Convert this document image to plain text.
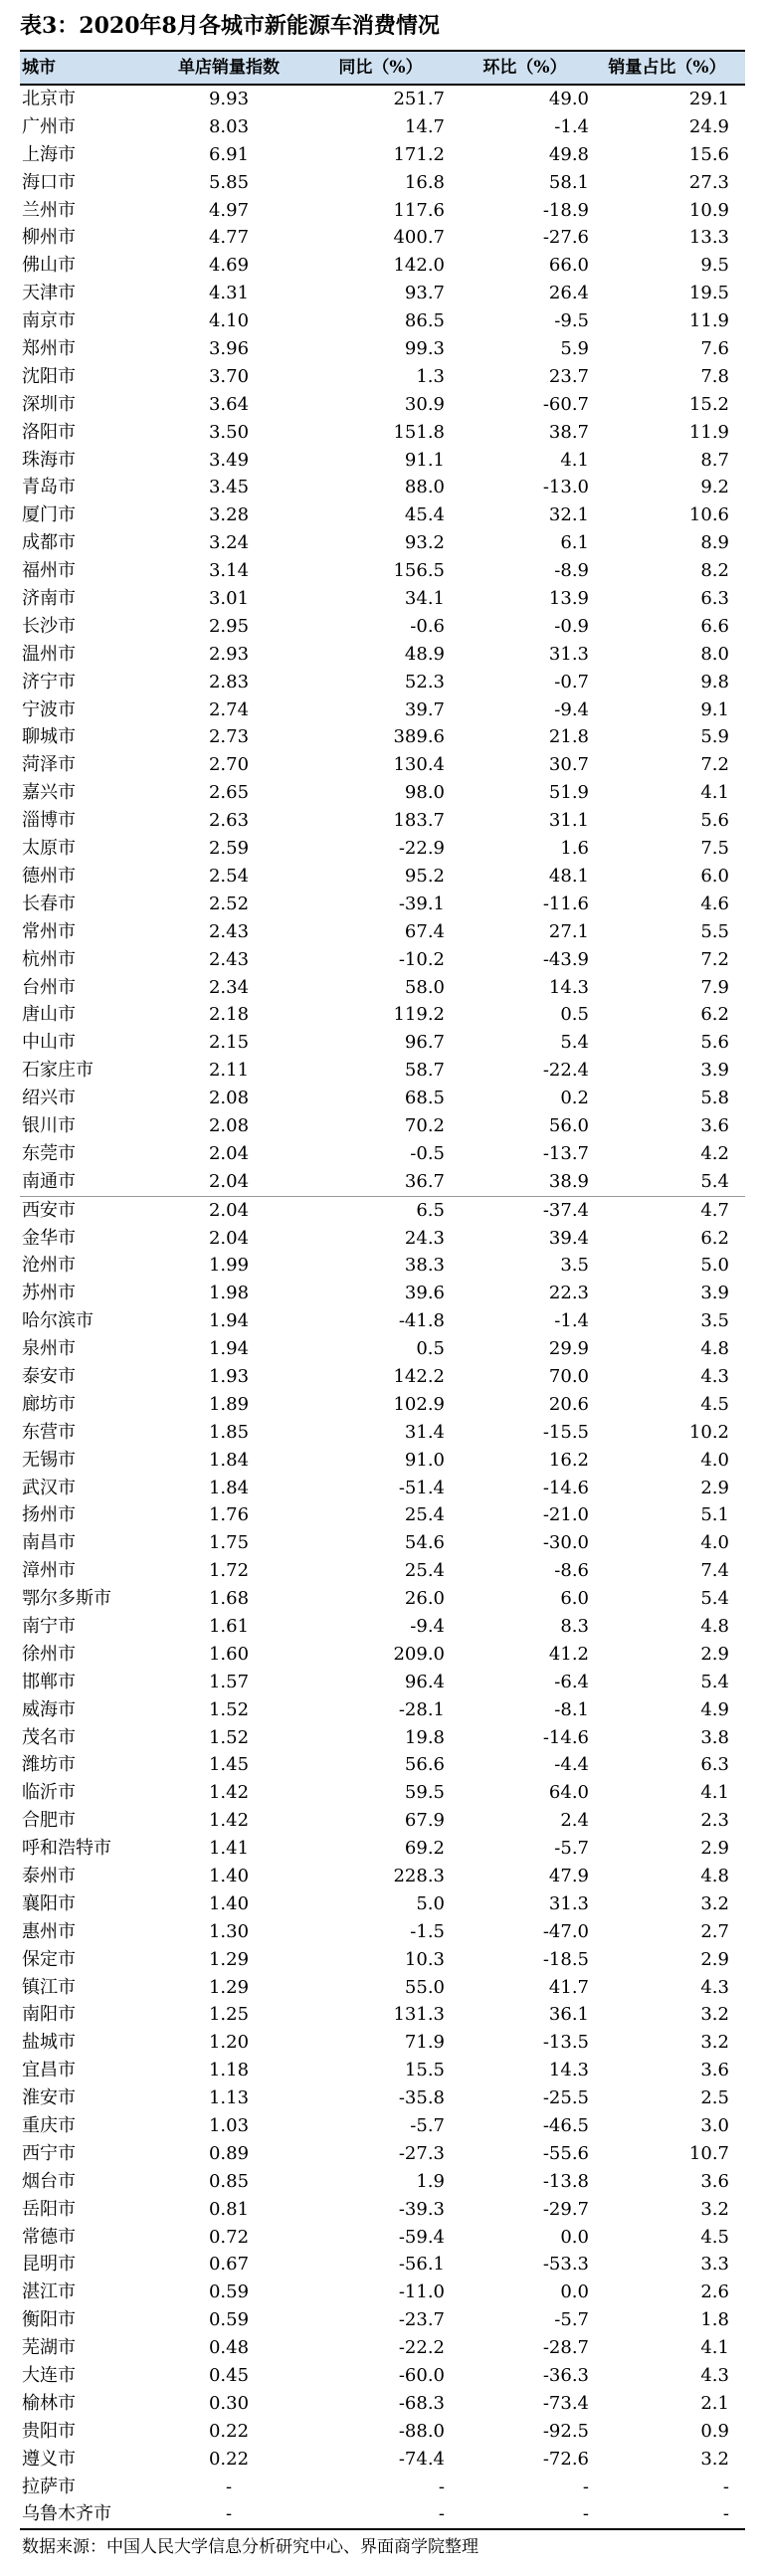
表3：2020年8月各城市新能源车消费情况
城市	单店销量指数	同比（%）	环比（%）	销量占比（%）
北京市	9.93	251.7	49.0	29.1
广州市	8.03	14.7	-1.4	24.9
上海市	6.91	171.2	49.8	15.6
海口市	5.85	16.8	58.1	27.3
兰州市	4.97	117.6	-18.9	10.9
柳州市	4.77	400.7	-27.6	13.3
佛山市	4.69	142.0	66.0	9.5
天津市	4.31	93.7	26.4	19.5
南京市	4.10	86.5	-9.5	11.9
郑州市	3.96	99.3	5.9	7.6
沈阳市	3.70	1.3	23.7	7.8
深圳市	3.64	30.9	-60.7	15.2
洛阳市	3.50	151.8	38.7	11.9
珠海市	3.49	91.1	4.1	8.7
青岛市	3.45	88.0	-13.0	9.2
厦门市	3.28	45.4	32.1	10.6
成都市	3.24	93.2	6.1	8.9
福州市	3.14	156.5	-8.9	8.2
济南市	3.01	34.1	13.9	6.3
长沙市	2.95	-0.6	-0.9	6.6
温州市	2.93	48.9	31.3	8.0
济宁市	2.83	52.3	-0.7	9.8
宁波市	2.74	39.7	-9.4	9.1
聊城市	2.73	389.6	21.8	5.9
菏泽市	2.70	130.4	30.7	7.2
嘉兴市	2.65	98.0	51.9	4.1
淄博市	2.63	183.7	31.1	5.6
太原市	2.59	-22.9	1.6	7.5
德州市	2.54	95.2	48.1	6.0
长春市	2.52	-39.1	-11.6	4.6
常州市	2.43	67.4	27.1	5.5
杭州市	2.43	-10.2	-43.9	7.2
台州市	2.34	58.0	14.3	7.9
唐山市	2.18	119.2	0.5	6.2
中山市	2.15	96.7	5.4	5.6
石家庄市	2.11	58.7	-22.4	3.9
绍兴市	2.08	68.5	0.2	5.8
银川市	2.08	70.2	56.0	3.6
东莞市	2.04	-0.5	-13.7	4.2
南通市	2.04	36.7	38.9	5.4
西安市	2.04	6.5	-37.4	4.7
金华市	2.04	24.3	39.4	6.2
沧州市	1.99	38.3	3.5	5.0
苏州市	1.98	39.6	22.3	3.9
哈尔滨市	1.94	-41.8	-1.4	3.5
泉州市	1.94	0.5	29.9	4.8
泰安市	1.93	142.2	70.0	4.3
廊坊市	1.89	102.9	20.6	4.5
东营市	1.85	31.4	-15.5	10.2
无锡市	1.84	91.0	16.2	4.0
武汉市	1.84	-51.4	-14.6	2.9
扬州市	1.76	25.4	-21.0	5.1
南昌市	1.75	54.6	-30.0	4.0
漳州市	1.72	25.4	-8.6	7.4
鄂尔多斯市	1.68	26.0	6.0	5.4
南宁市	1.61	-9.4	8.3	4.8
徐州市	1.60	209.0	41.2	2.9
邯郸市	1.57	96.4	-6.4	5.4
威海市	1.52	-28.1	-8.1	4.9
茂名市	1.52	19.8	-14.6	3.8
潍坊市	1.45	56.6	-4.4	6.3
临沂市	1.42	59.5	64.0	4.1
合肥市	1.42	67.9	2.4	2.3
呼和浩特市	1.41	69.2	-5.7	2.9
泰州市	1.40	228.3	47.9	4.8
襄阳市	1.40	5.0	31.3	3.2
惠州市	1.30	-1.5	-47.0	2.7
保定市	1.29	10.3	-18.5	2.9
镇江市	1.29	55.0	41.7	4.3
南阳市	1.25	131.3	36.1	3.2
盐城市	1.20	71.9	-13.5	3.2
宜昌市	1.18	15.5	14.3	3.6
淮安市	1.13	-35.8	-25.5	2.5
重庆市	1.03	-5.7	-46.5	3.0
西宁市	0.89	-27.3	-55.6	10.7
烟台市	0.85	1.9	-13.8	3.6
岳阳市	0.81	-39.3	-29.7	3.2
常德市	0.72	-59.4	0.0	4.5
昆明市	0.67	-56.1	-53.3	3.3
湛江市	0.59	-11.0	0.0	2.6
衡阳市	0.59	-23.7	-5.7	1.8
芜湖市	0.48	-22.2	-28.7	4.1
大连市	0.45	-60.0	-36.3	4.3
榆林市	0.30	-68.3	-73.4	2.1
贵阳市	0.22	-88.0	-92.5	0.9
遵义市	0.22	-74.4	-72.6	3.2
拉萨市	-	-	-	-
乌鲁木齐市	-	-	-	-
数据来源：中国人民大学信息分析研究中心、界面商学院整理
